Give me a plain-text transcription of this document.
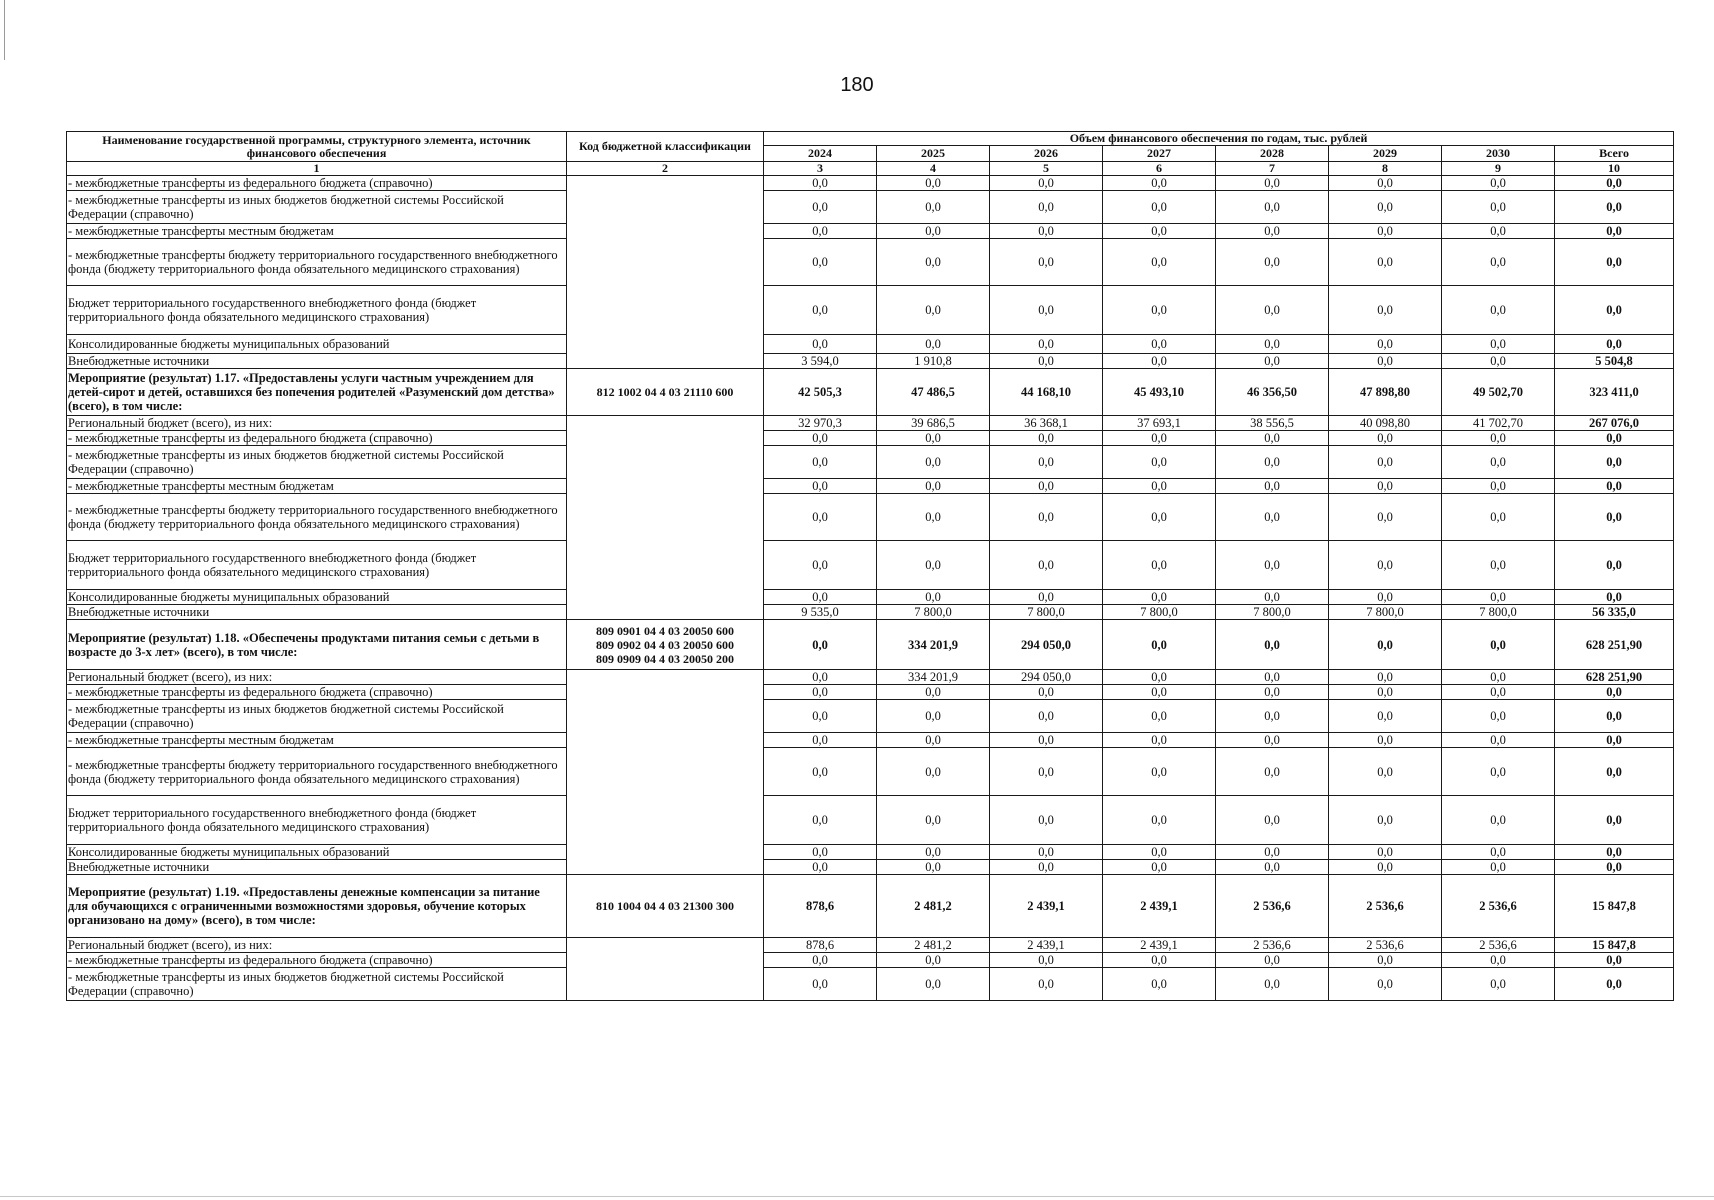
180
Наименование государственной программы, структурного элемента, источник финансового обеспечения	Код бюджетной классификации	Объем финансового обеспечения по годам, тыс. рублей							
		2024	2025	2026	2027	2028	2029	2030	Всего
1	2	3	4	5	6	7	8	9	10
- межбюджетные трансферты из федерального бюджета (справочно)		0,0	0,0	0,0	0,0	0,0	0,0	0,0	0,0
- межбюджетные трансферты из иных бюджетов бюджетной системы Российской Федерации (справочно)		0,0	0,0	0,0	0,0	0,0	0,0	0,0	0,0
- межбюджетные трансферты местным бюджетам		0,0	0,0	0,0	0,0	0,0	0,0	0,0	0,0
- межбюджетные трансферты бюджету территориального государственного внебюджетного фонда (бюджету территориального фонда обязательного медицинского страхования)		0,0	0,0	0,0	0,0	0,0	0,0	0,0	0,0
Бюджет территориального государственного внебюджетного фонда (бюджет территориального фонда обязательного медицинского страхования)		0,0	0,0	0,0	0,0	0,0	0,0	0,0	0,0
Консолидированные бюджеты муниципальных образований		0,0	0,0	0,0	0,0	0,0	0,0	0,0	0,0
Внебюджетные источники		3 594,0	1 910,8	0,0	0,0	0,0	0,0	0,0	5 504,8
Мероприятие (результат) 1.17. «Предоставлены услуги частным учреждением для детей-сирот и детей, оставшихся без попечения родителей «Разуменский дом детства» (всего), в том числе:	812 1002 04 4 03 21110 600	42 505,3	47 486,5	44 168,10	45 493,10	46 356,50	47 898,80	49 502,70	323 411,0
Региональный бюджет (всего), из них:		32 970,3	39 686,5	36 368,1	37 693,1	38 556,5	40 098,80	41 702,70	267 076,0
- межбюджетные трансферты из федерального бюджета (справочно)		0,0	0,0	0,0	0,0	0,0	0,0	0,0	0,0
- межбюджетные трансферты из иных бюджетов бюджетной системы Российской Федерации (справочно)		0,0	0,0	0,0	0,0	0,0	0,0	0,0	0,0
- межбюджетные трансферты местным бюджетам		0,0	0,0	0,0	0,0	0,0	0,0	0,0	0,0
- межбюджетные трансферты бюджету территориального государственного внебюджетного фонда (бюджету территориального фонда обязательного медицинского страхования)		0,0	0,0	0,0	0,0	0,0	0,0	0,0	0,0
Бюджет территориального государственного внебюджетного фонда (бюджет территориального фонда обязательного медицинского страхования)		0,0	0,0	0,0	0,0	0,0	0,0	0,0	0,0
Консолидированные бюджеты муниципальных образований		0,0	0,0	0,0	0,0	0,0	0,0	0,0	0,0
Внебюджетные источники		9 535,0	7 800,0	7 800,0	7 800,0	7 800,0	7 800,0	7 800,0	56 335,0
Мероприятие (результат) 1.18. «Обеспечены продуктами питания семьи с детьми в возрасте до 3-х лет» (всего), в том числе:	809 0901 04 4 03 20050 600
809 0902 04 4 03 20050 600
809 0909 04 4 03 20050 200	0,0	334 201,9	294 050,0	0,0	0,0	0,0	0,0	628 251,90
Региональный бюджет (всего), из них:		0,0	334 201,9	294 050,0	0,0	0,0	0,0	0,0	628 251,90
- межбюджетные трансферты из федерального бюджета (справочно)		0,0	0,0	0,0	0,0	0,0	0,0	0,0	0,0
- межбюджетные трансферты из иных бюджетов бюджетной системы Российской Федерации (справочно)		0,0	0,0	0,0	0,0	0,0	0,0	0,0	0,0
- межбюджетные трансферты местным бюджетам		0,0	0,0	0,0	0,0	0,0	0,0	0,0	0,0
- межбюджетные трансферты бюджету территориального государственного внебюджетного фонда (бюджету территориального фонда обязательного медицинского страхования)		0,0	0,0	0,0	0,0	0,0	0,0	0,0	0,0
Бюджет территориального государственного внебюджетного фонда (бюджет территориального фонда обязательного медицинского страхования)		0,0	0,0	0,0	0,0	0,0	0,0	0,0	0,0
Консолидированные бюджеты муниципальных образований		0,0	0,0	0,0	0,0	0,0	0,0	0,0	0,0
Внебюджетные источники		0,0	0,0	0,0	0,0	0,0	0,0	0,0	0,0
Мероприятие (результат) 1.19. «Предоставлены денежные компенсации за питание для обучающихся с ограниченными возможностями здоровья, обучение которых организовано на дому» (всего), в том числе:	810 1004 04 4 03 21300 300	878,6	2 481,2	2 439,1	2 439,1	2 536,6	2 536,6	2 536,6	15 847,8
Региональный бюджет (всего), из них:		878,6	2 481,2	2 439,1	2 439,1	2 536,6	2 536,6	2 536,6	15 847,8
- межбюджетные трансферты из федерального бюджета (справочно)		0,0	0,0	0,0	0,0	0,0	0,0	0,0	0,0
- межбюджетные трансферты из иных бюджетов бюджетной системы Российской Федерации (справочно)		0,0	0,0	0,0	0,0	0,0	0,0	0,0	0,0
